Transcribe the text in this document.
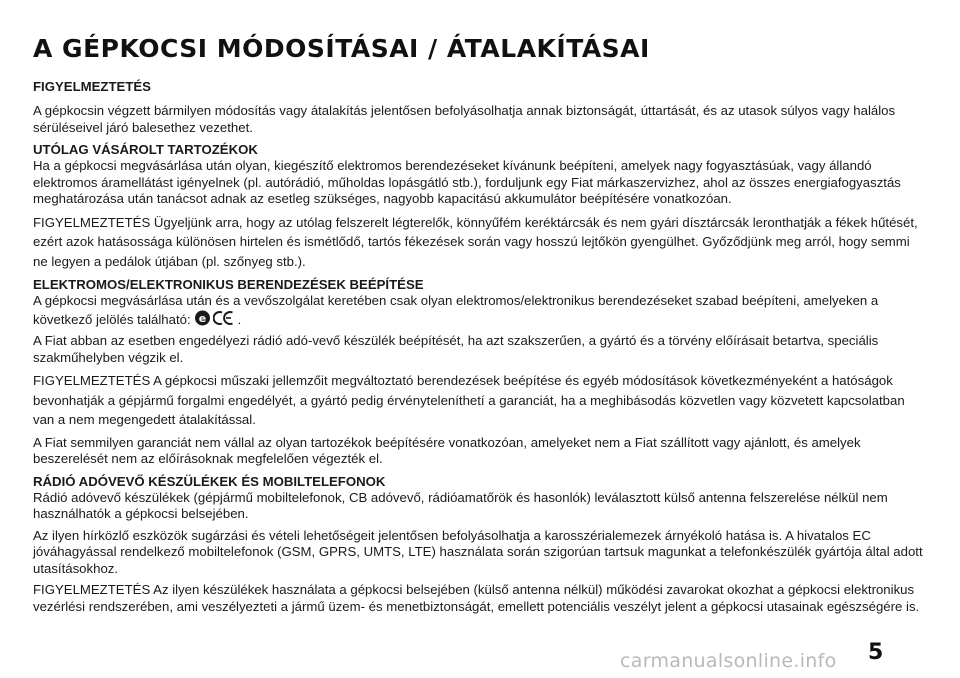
A GÉPKOCSI MÓDOSÍTÁSAI / ÁTALAKÍTÁSAI
FIGYELMEZTETÉS

A gépkocsin végzett bármilyen módosítás vagy átalakítás jelentősen befolyásolhatja annak biztonságát, úttartását, és az utasok súlyos vagy halálos sérüléseivel járó balesethez vezethet.

UTÓLAG VÁSÁROLT TARTOZÉKOK

Ha a gépkocsi megvásárlása után olyan, kiegészítő elektromos berendezéseket kívánunk beépíteni, amelyek nagy fogyasztásúak, vagy állandó elektromos áramellátást igényelnek (pl. autórádió, műholdas lopásgátló stb.), forduljunk egy Fiat márkaszervizhez, ahol az összes energiafogyasztás meghatározása után tanácsot adnak az esetleg szükséges, nagyobb kapacitású akkumulátor beépítésére vonatkozóan.

FIGYELMEZTETÉS Ügyeljünk arra, hogy az utólag felszerelt légterelők, könnyűfém keréktárcsák és nem gyári dísztárcsák leronthatják a fékek hűtését, ezért azok hatásossága különösen hirtelen és ismétlődő, tartós fékezések során vagy hosszú lejtőkön gyengülhet. Győződjünk meg arról, hogy semmi ne legyen a pedálok útjában (pl. szőnyeg stb.).

ELEKTROMOS/ELEKTRONIKUS BERENDEZÉSEK BEÉPÍTÉSE

A gépkocsi megvásárlása után és a vevőszolgálat keretében csak olyan elektromos/elektronikus berendezéseket szabad beépíteni, amelyeken a következő jelölés található: e .

A Fiat abban az esetben engedélyezi rádió adó-vevő készülék beépítését, ha azt szakszerűen, a gyártó és a törvény előírásait betartva, speciális szakműhelyben végzik el.

FIGYELMEZTETÉS A gépkocsi műszaki jellemzőit megváltoztató berendezések beépítése és egyéb módosítások következményeként a hatóságok bevonhatják a gépjármű forgalmi engedélyét, a gyártó pedig érvényteleníthetí a garanciát, ha a meghibásodás közvetlen vagy közvetett kapcsolatban van a nem megengedett átalakítással.

A Fiat semmilyen garanciát nem vállal az olyan tartozékok beépítésére vonatkozóan, amelyeket nem a Fiat szállított vagy ajánlott, és amelyek beszerelését nem az előírásoknak megfelelően végezték el.

RÁDIÓ ADÓVEVŐ KÉSZÜLÉKEK ÉS MOBILTELEFONOK

Rádió adóvevő készülékek (gépjármű mobiltelefonok, CB adóvevő, rádióamatőrök és hasonlók) leválasztott külső antenna felszerelése nélkül nem használhatók a gépkocsi belsejében.

Az ilyen hírközlő eszközök sugárzási és vételi lehetőségeit jelentősen befolyásolhatja a karosszérialemezek árnyékoló hatása is. A hivatalos EC jóváhagyással rendelkező mobiltelefonok (GSM, GPRS, UMTS, LTE) használata során szigorúan tartsuk magunkat a telefonkészülék gyártója által adott utasításokhoz.

FIGYELMEZTETÉS Az ilyen készülékek használata a gépkocsi belsejében (külső antenna nélkül) működési zavarokat okozhat a gépkocsi elektronikus vezérlési rendszerében, ami veszélyezteti a jármű üzem- és menetbiztonságát, emellett potenciális veszélyt jelent a gépkocsi utasainak egészségére is.

carmanualsonline.info 5
